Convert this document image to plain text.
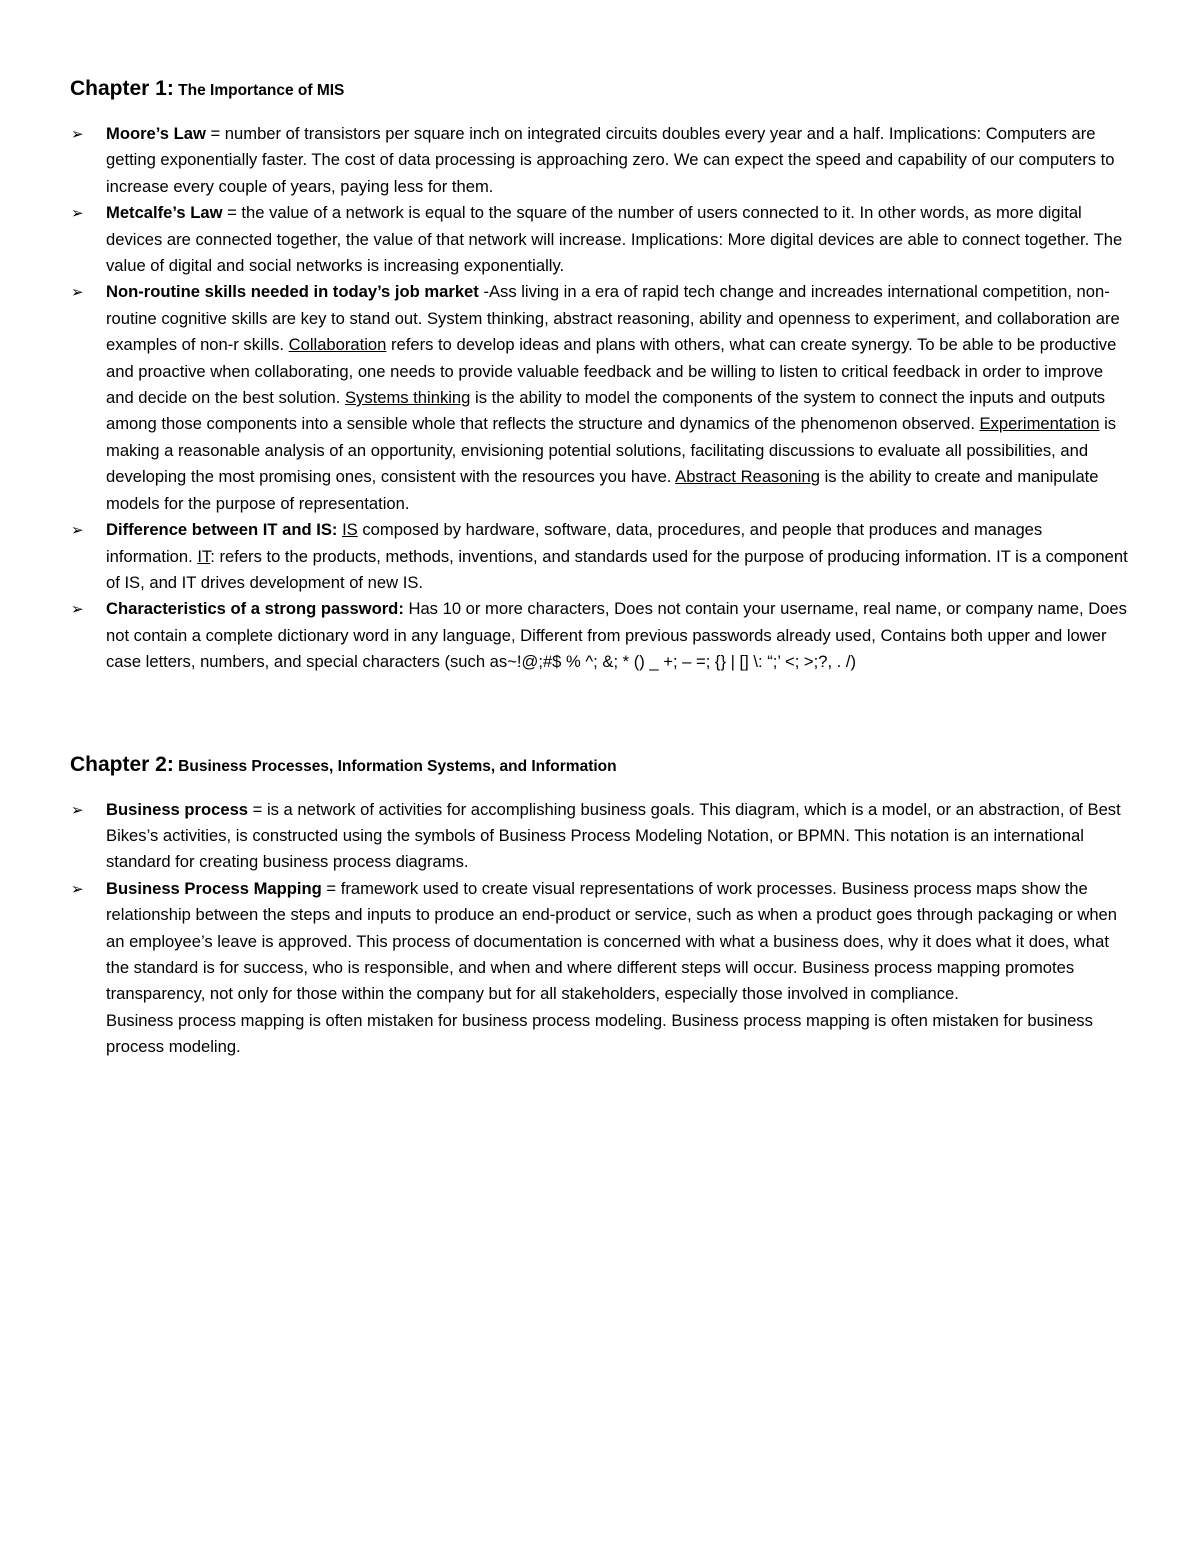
Chapter 1: The Importance of MIS
➢ Moore’s Law = number of transistors per square inch on integrated circuits doubles every year and a half. Implications: Computers are getting exponentially faster. The cost of data processing is approaching zero. We can expect the speed and capability of our computers to increase every couple of years, paying less for them.
➢ Metcalfe’s Law = the value of a network is equal to the square of the number of users connected to it. In other words, as more digital devices are connected together, the value of that network will increase. Implications: More digital devices are able to connect together. The value of digital and social networks is increasing exponentially.
➢ Non-routine skills needed in today’s job market -Ass living in a era of rapid tech change and increades international competition, non-routine cognitive skills are key to stand out. System thinking, abstract reasoning, ability and openness to experiment, and collaboration are examples of non-r skills. Collaboration refers to develop ideas and plans with others, what can create synergy. To be able to be productive and proactive when collaborating, one needs to provide valuable feedback and be willing to listen to critical feedback in order to improve and decide on the best solution. Systems thinking is the ability to model the components of the system to connect the inputs and outputs among those components into a sensible whole that reflects the structure and dynamics of the phenomenon observed. Experimentation is making a reasonable analysis of an opportunity, envisioning potential solutions, facilitating discussions to evaluate all possibilities, and developing the most promising ones, consistent with the resources you have. Abstract Reasoning is the ability to create and manipulate models for the purpose of representation.
➢ Difference between IT and IS: IS composed by hardware, software, data, procedures, and people that produces and manages information. IT: refers to the products, methods, inventions, and standards used for the purpose of producing information. IT is a component of IS, and IT drives development of new IS.
➢ Characteristics of a strong password: Has 10 or more characters, Does not contain your username, real name, or company name, Does not contain a complete dictionary word in any language, Different from previous passwords already used, Contains both upper and lower case letters, numbers, and special characters (such as~!@;#$ % ^; &; * () _ +; – =; {} | [] \: “;’ <; >;?, . /)
Chapter 2: Business Processes, Information Systems, and Information
➢ Business process = is a network of activities for accomplishing business goals. This diagram, which is a model, or an abstraction, of Best Bikes’s activities, is constructed using the symbols of Business Process Modeling Notation, or BPMN. This notation is an international standard for creating business process diagrams.
➢ Business Process Mapping = framework used to create visual representations of work processes. Business process maps show the relationship between the steps and inputs to produce an end-product or service, such as when a product goes through packaging or when an employee’s leave is approved. This process of documentation is concerned with what a business does, why it does what it does, what the standard is for success, who is responsible, and when and where different steps will occur. Business process mapping promotes transparency, not only for those within the company but for all stakeholders, especially those involved in compliance.
Business process mapping is often mistaken for business process modeling. Business process mapping is often mistaken for business process modeling.
